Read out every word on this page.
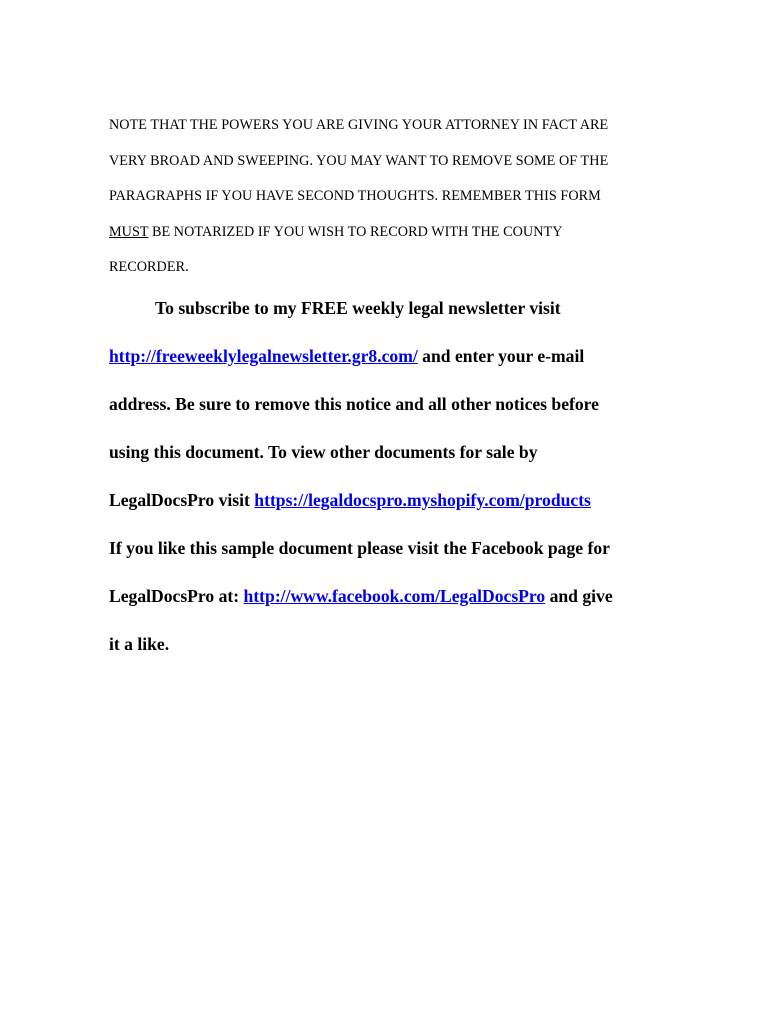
NOTE THAT THE POWERS YOU ARE GIVING YOUR ATTORNEY IN FACT ARE
VERY BROAD AND SWEEPING. YOU MAY WANT TO REMOVE SOME OF THE
PARAGRAPHS IF YOU HAVE SECOND THOUGHTS. REMEMBER THIS FORM
MUST BE NOTARIZED IF YOU WISH TO RECORD WITH THE COUNTY
RECORDER.
To subscribe to my FREE weekly legal newsletter visit
http://freeweeklylegalnewsletter.gr8.com/ and enter your e-mail
address. Be sure to remove this notice and all other notices before
using this document. To view other documents for sale by
LegalDocsPro visit https://legaldocspro.myshopify.com/products
If you like this sample document please visit the Facebook page for
LegalDocsPro at: http://www.facebook.com/LegalDocsPro and give
it a like.
